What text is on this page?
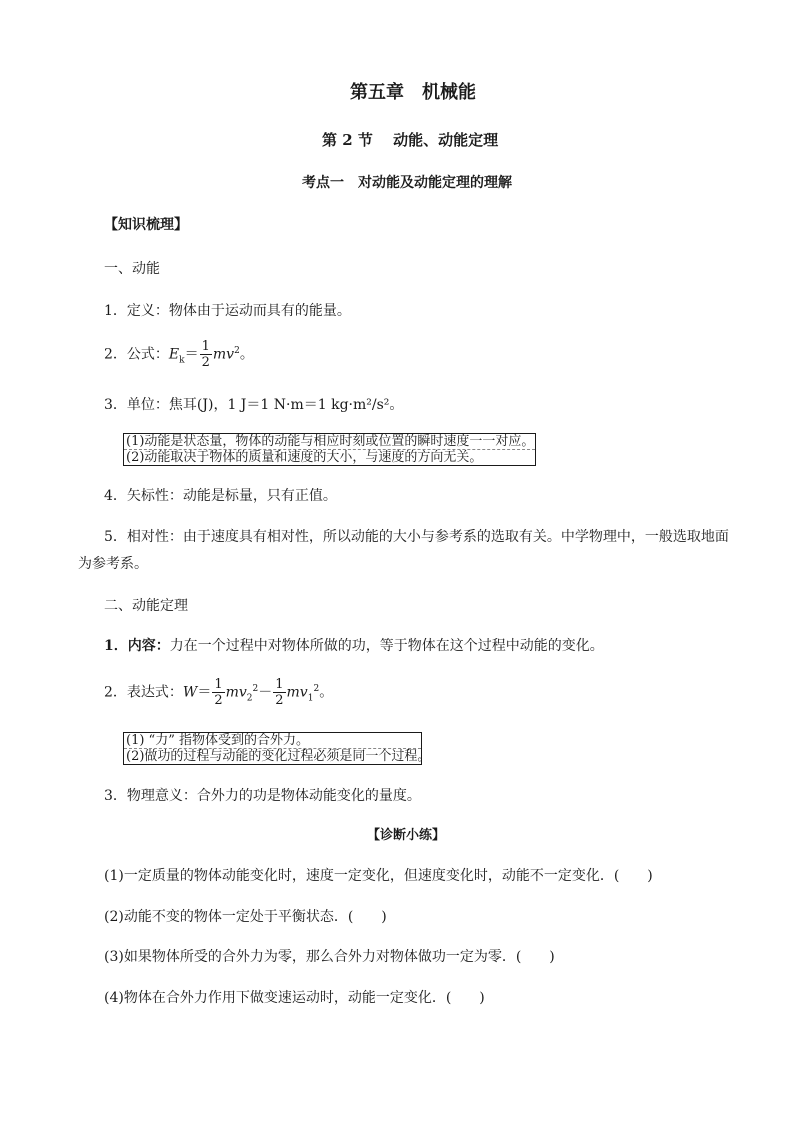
第五章　机械能
第 2 节　 动能、动能定理
考点一　对动能及动能定理的理解
【知识梳理】
一、动能
1．定义：物体由于运动而具有的能量。
2．公式：$E_k= \frac{1}{2} mv^2$。
3．单位：焦耳(J)，1 J＝1 N·m＝1 kg·m²/s²。
(1)动能是状态量，物体的动能与相应时刻或位置的瞬时速度一一对应。
(2)动能取决于物体的质量和速度的大小，与速度的方向无关。
4．矢标性：动能是标量，只有正值。
5．相对性：由于速度具有相对性，所以动能的大小与参考系的选取有关。中学物理中，一般选取地面
为参考系。
二、动能定理
1．内容：力在一个过程中对物体所做的功，等于物体在这个过程中动能的变化。
2．表达式：$W= \frac{1}{2} mv_2^2- \frac{1}{2} mv_1^2$。
(1) “力” 指物体受到的合外力。
(2)做功的过程与动能的变化过程必须是同一个过程。
3．物理意义：合外力的功是物体动能变化的量度。
【诊断小练】
(1)一定质量的物体动能变化时，速度一定变化，但速度变化时，动能不一定变化．( )
(2)动能不变的物体一定处于平衡状态．( )
(3)如果物体所受的合外力为零，那么合外力对物体做功一定为零．( )
(4)物体在合外力作用下做变速运动时，动能一定变化．( )
